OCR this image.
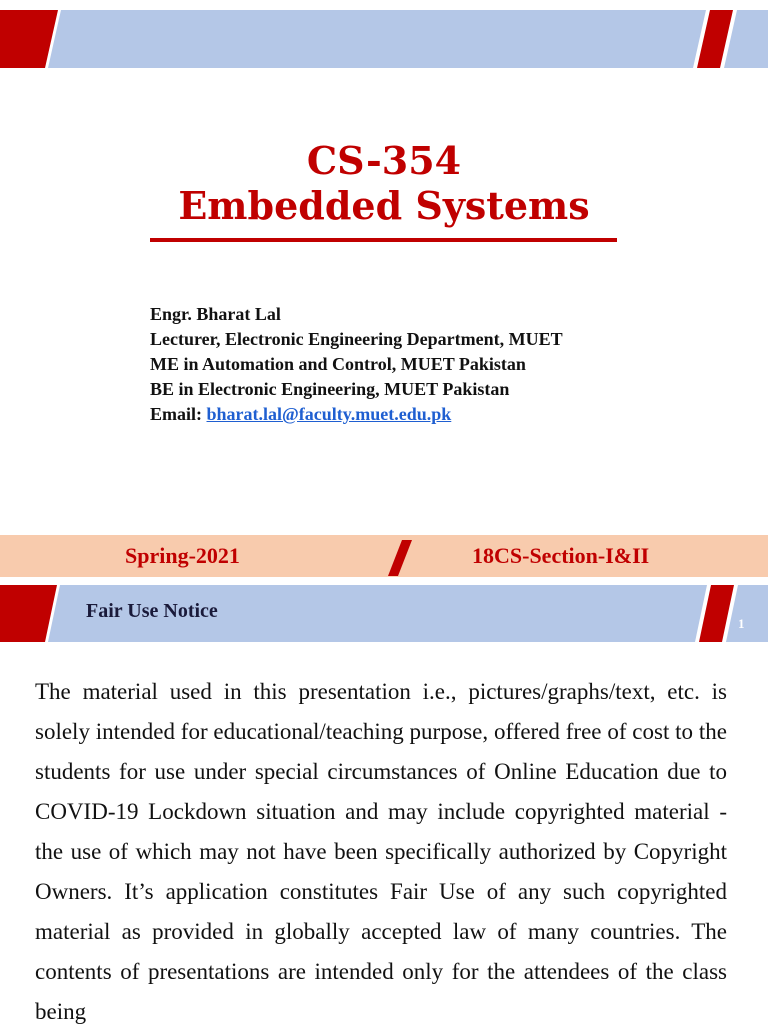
CS-354
Embedded Systems
Engr. Bharat Lal
Lecturer, Electronic Engineering Department, MUET
ME in Automation and Control, MUET Pakistan
BE in Electronic Engineering, MUET Pakistan
Email: bharat.lal@faculty.muet.edu.pk
Spring-2021	18CS-Section-I&II
Fair Use Notice
1
The material used in this presentation i.e., pictures/graphs/text, etc. is solely intended for educational/teaching purpose, offered free of cost to the students for use under special circumstances of Online Education due to COVID-19 Lockdown situation and may include copyrighted material - the use of which may not have been specifically authorized by Copyright Owners. It’s application constitutes Fair Use of any such copyrighted material as provided in globally accepted law of many countries. The contents of presentations are intended only for the attendees of the class being
